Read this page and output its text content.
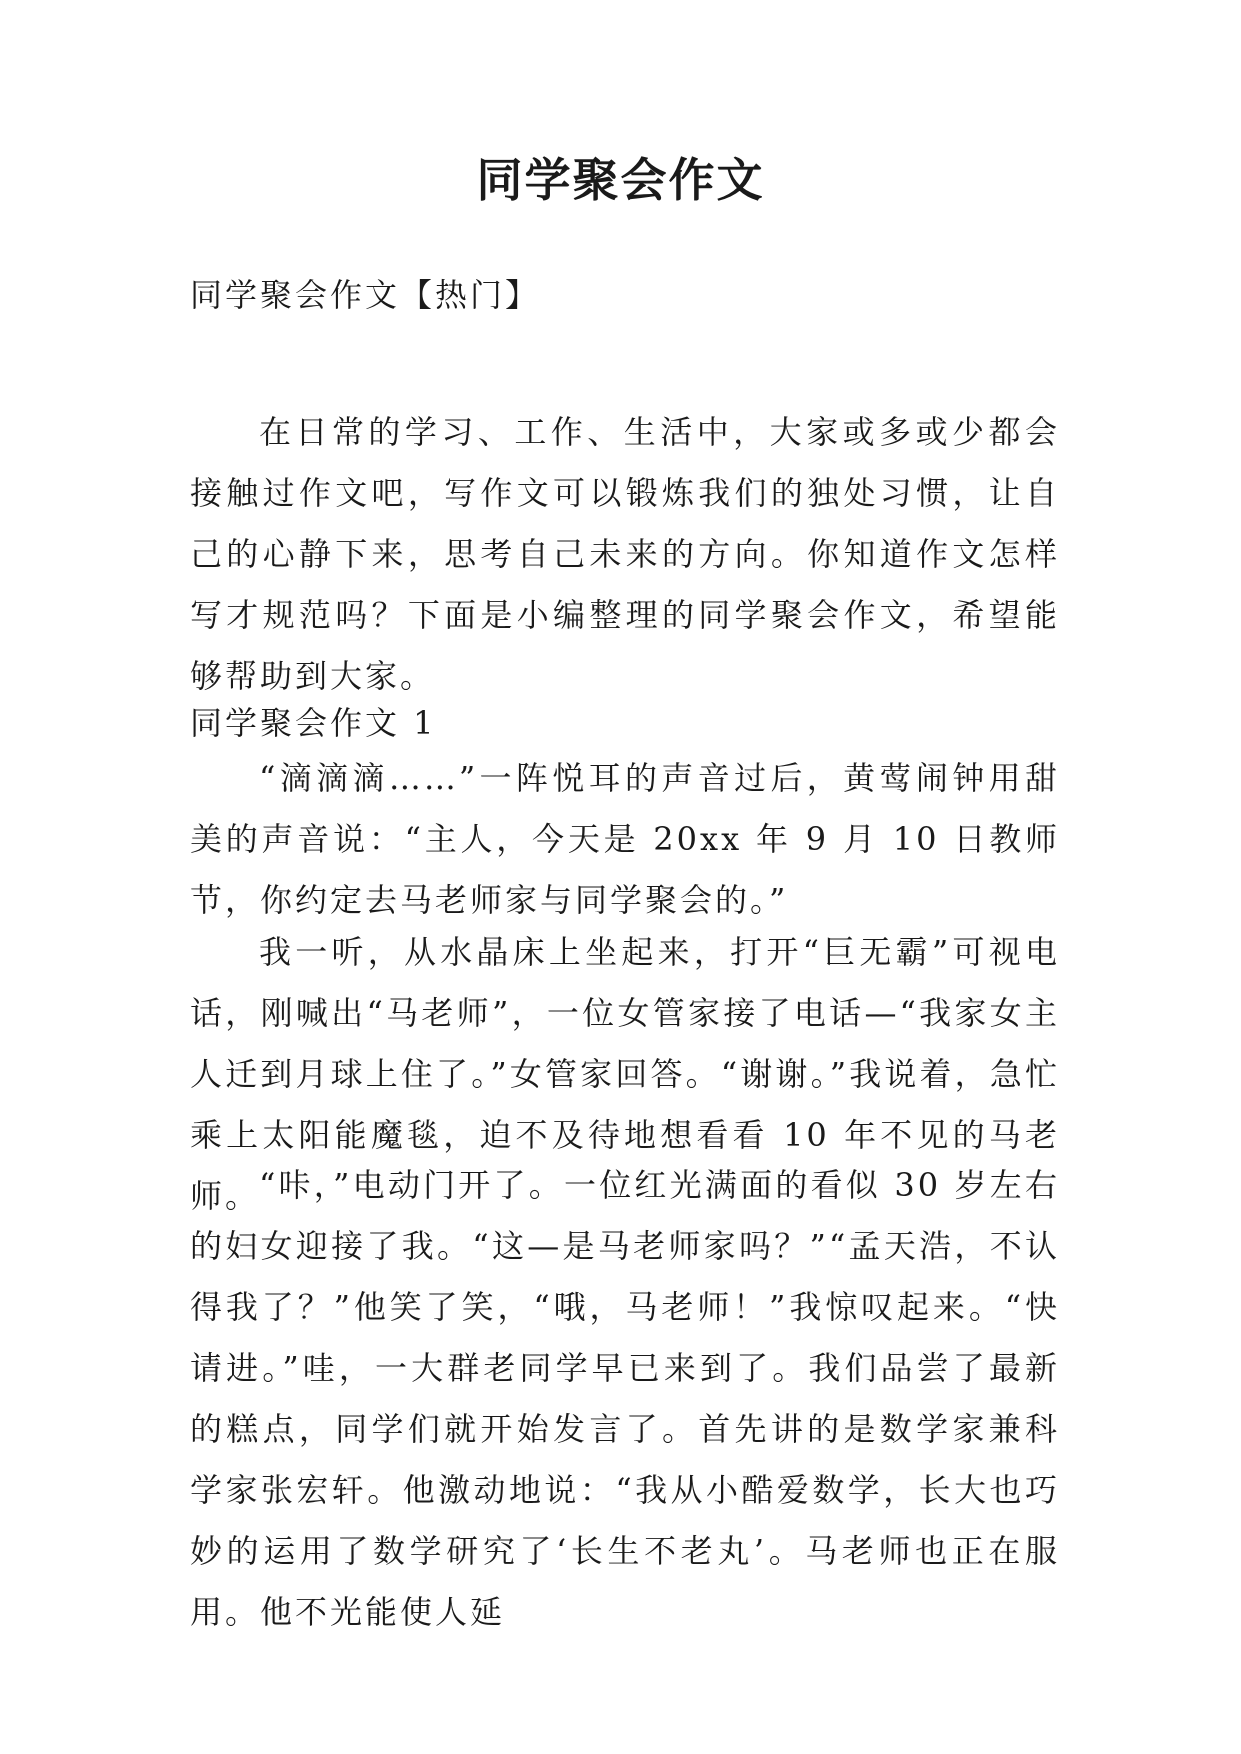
同学聚会作文

同学聚会作文【热门】

在日常的学习、工作、生活中，大家或多或少都会接触过作文吧，写作文可以锻炼我们的独处习惯，让自己的心静下来，思考自己未来的方向。你知道作文怎样写才规范吗？下面是小编整理的同学聚会作文，希望能够帮助到大家。

同学聚会作文 1

“滴滴滴……”一阵悦耳的声音过后，黄莺闹钟用甜美的声音说：“主人，今天是 20xx 年 9 月 10 日教师节，你约定去马老师家与同学聚会的。”

我一听，从水晶床上坐起来，打开“巨无霸”可视电话，刚喊出“马老师”，一位女管家接了电话—“我家女主人迁到月球上住了。”女管家回答。“谢谢。”我说着，急忙乘上太阳能魔毯，迫不及待地想看看 10 年不见的马老师。

“咔，”电动门开了。一位红光满面的看似 30 岁左右的妇女迎接了我。“这—是马老师家吗？”“孟天浩，不认得我了？”他笑了笑，“哦，马老师！”我惊叹起来。“快请进。”哇，一大群老同学早已来到了。我们品尝了最新的糕点，同学们就开始发言了。首先讲的是数学家兼科学家张宏轩。他激动地说：“我从小酷爱数学，长大也巧妙的运用了数学研究了‘长生不老丸’。马老师也正在服用。他不光能使人延
